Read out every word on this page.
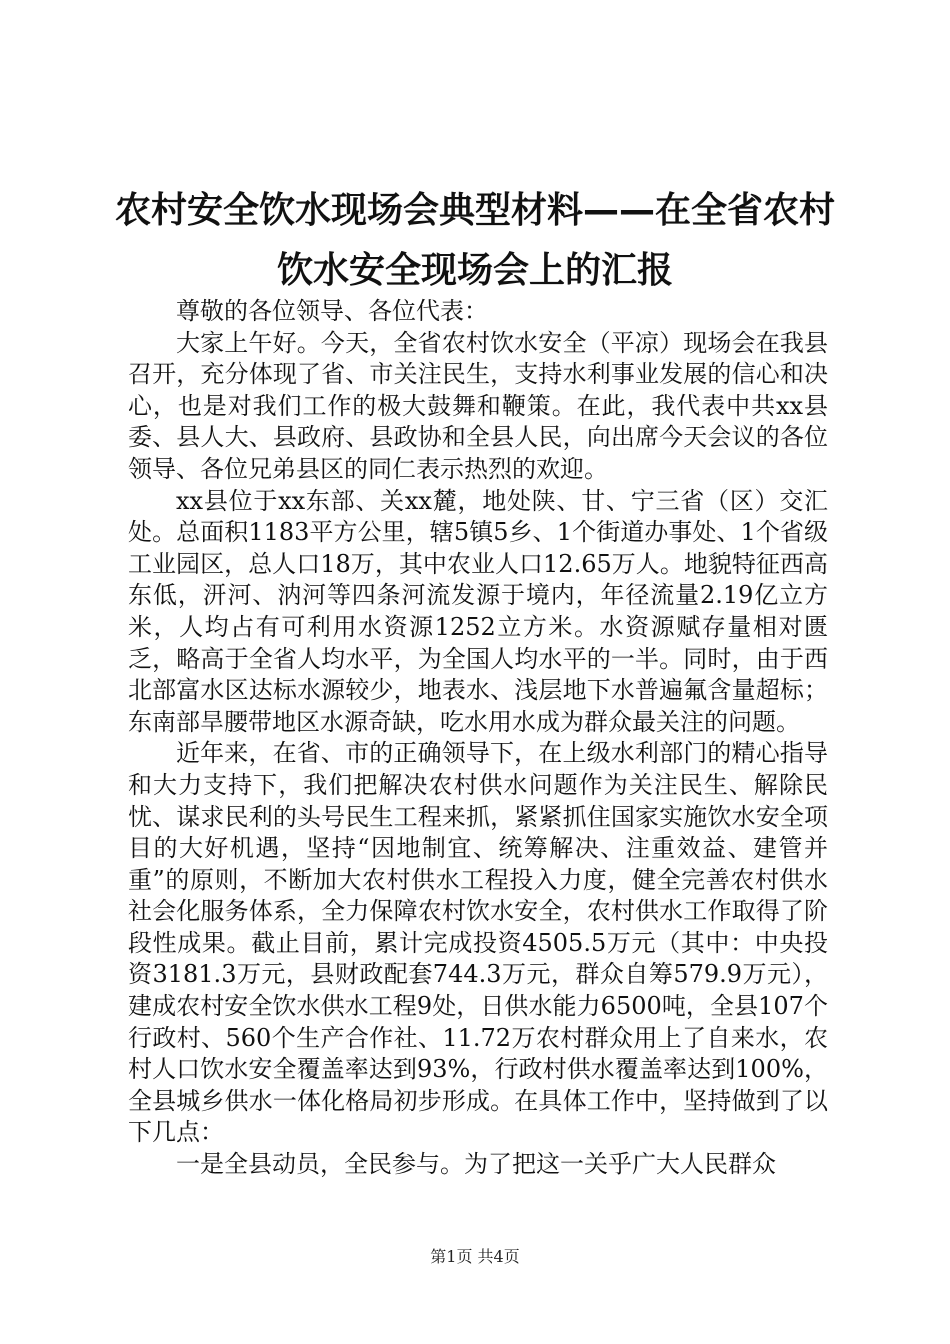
农村安全饮水现场会典型材料——在全省农村
饮水安全现场会上的汇报

尊敬的各位领导、各位代表：

大家上午好。今天，全省农村饮水安全（平凉）现场会在我县召开，充分体现了省、市关注民生，支持水利事业发展的信心和决心，也是对我们工作的极大鼓舞和鞭策。在此，我代表中共xx县委、县人大、县政府、县政协和全县人民，向出席今天会议的各位领导、各位兄弟县区的同仁表示热烈的欢迎。

xx县位于xx东部、关xx麓，地处陕、甘、宁三省（区）交汇处。总面积1183平方公里，辖5镇5乡、1个街道办事处、1个省级工业园区，总人口18万，其中农业人口12.65万人。地貌特征西高东低，汧河、汭河等四条河流发源于境内，年径流量2.19亿立方米，人均占有可利用水资源1252立方米。水资源赋存量相对匮乏，略高于全省人均水平，为全国人均水平的一半。同时，由于西北部富水区达标水源较少，地表水、浅层地下水普遍氟含量超标；东南部旱腰带地区水源奇缺，吃水用水成为群众最关注的问题。

近年来，在省、市的正确领导下，在上级水利部门的精心指导和大力支持下，我们把解决农村供水问题作为关注民生、解除民忧、谋求民利的头号民生工程来抓，紧紧抓住国家实施饮水安全项目的大好机遇，坚持“因地制宜、统筹解决、注重效益、建管并重”的原则，不断加大农村供水工程投入力度，健全完善农村供水社会化服务体系，全力保障农村饮水安全，农村供水工作取得了阶段性成果。截止目前，累计完成投资4505.5万元（其中：中央投资3181.3万元，县财政配套744.3万元，群众自筹579.9万元），建成农村安全饮水供水工程9处，日供水能力6500吨，全县107个行政村、560个生产合作社、11.72万农村群众用上了自来水，农村人口饮水安全覆盖率达到93%，行政村供水覆盖率达到100%，全县城乡供水一体化格局初步形成。在具体工作中，坚持做到了以下几点：

一是全县动员，全民参与。为了把这一关乎广大人民群众

第1页 共4页
